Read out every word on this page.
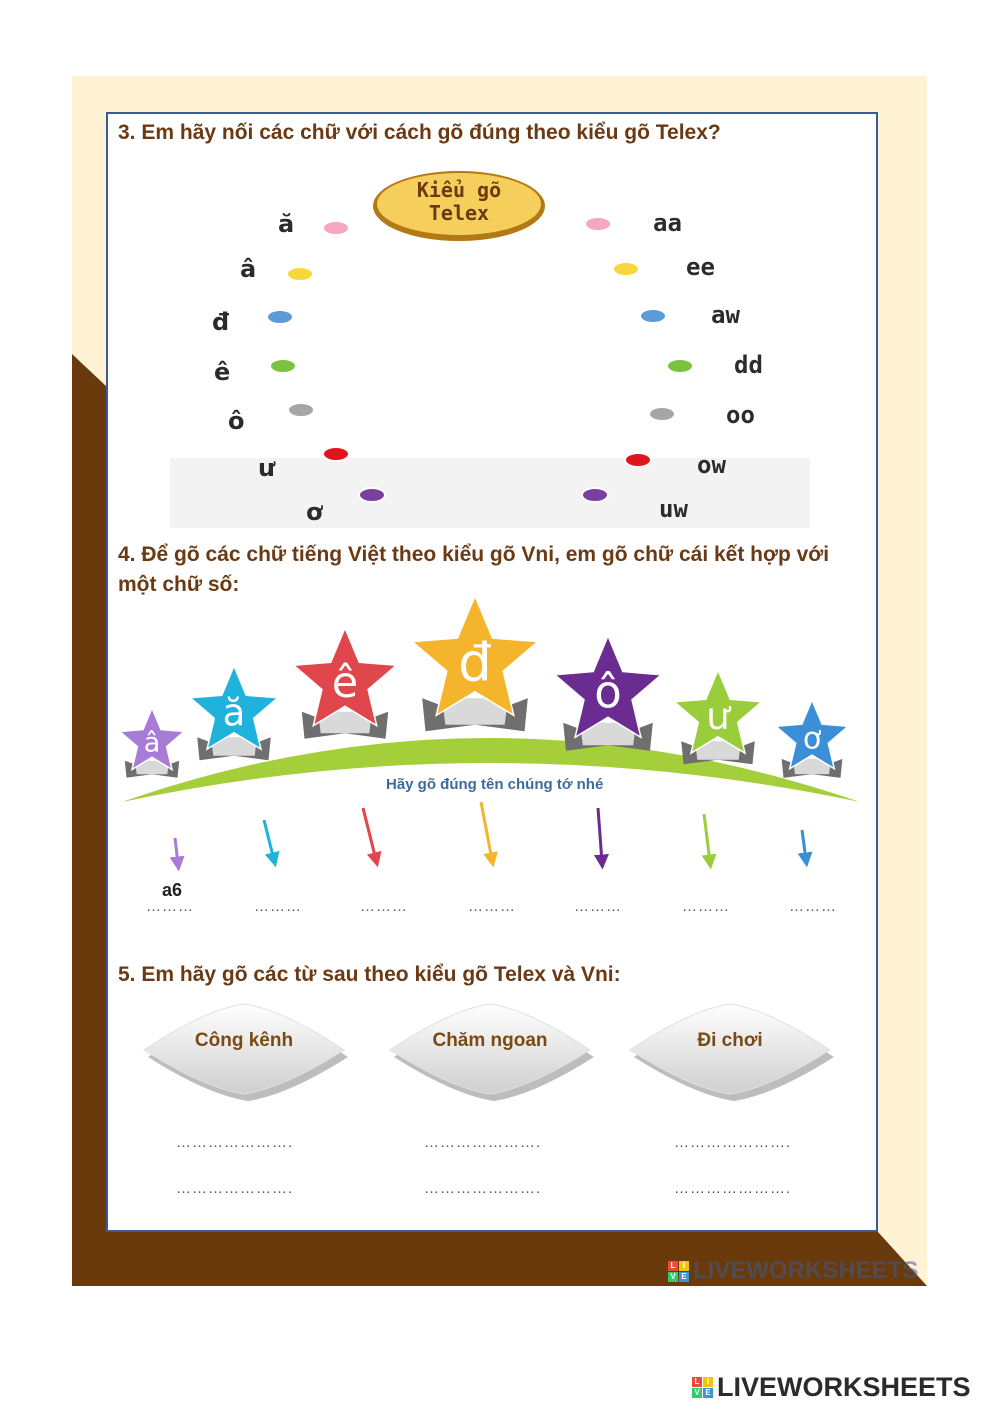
3. Em hãy nối các chữ với cách gõ đúng theo kiểu gõ Telex?
Kiểu gõ
Telex
ă
â
đ
ê
ô
ư
ơ
aa
ee
aw
dd
oo
ow
uw
4. Để gõ các chữ tiếng Việt theo kiểu gõ Vni, em gõ chữ cái kết hợp với
một chữ số:
â
ă
ê đ ô ư
ơ
Hãy gõ đúng tên chúng tớ nhé
a6
………	………	………	………	………	………	………
5. Em hãy gõ các từ sau theo kiểu gõ Telex và Vni:
Công kênh	Chăm ngoan	Đi chơi
………………….	………………….	………………….
………………….	………………….	………………….
L I
V E LIVEWORKSHEETS
L I
V E LIVEWORKSHEETS
